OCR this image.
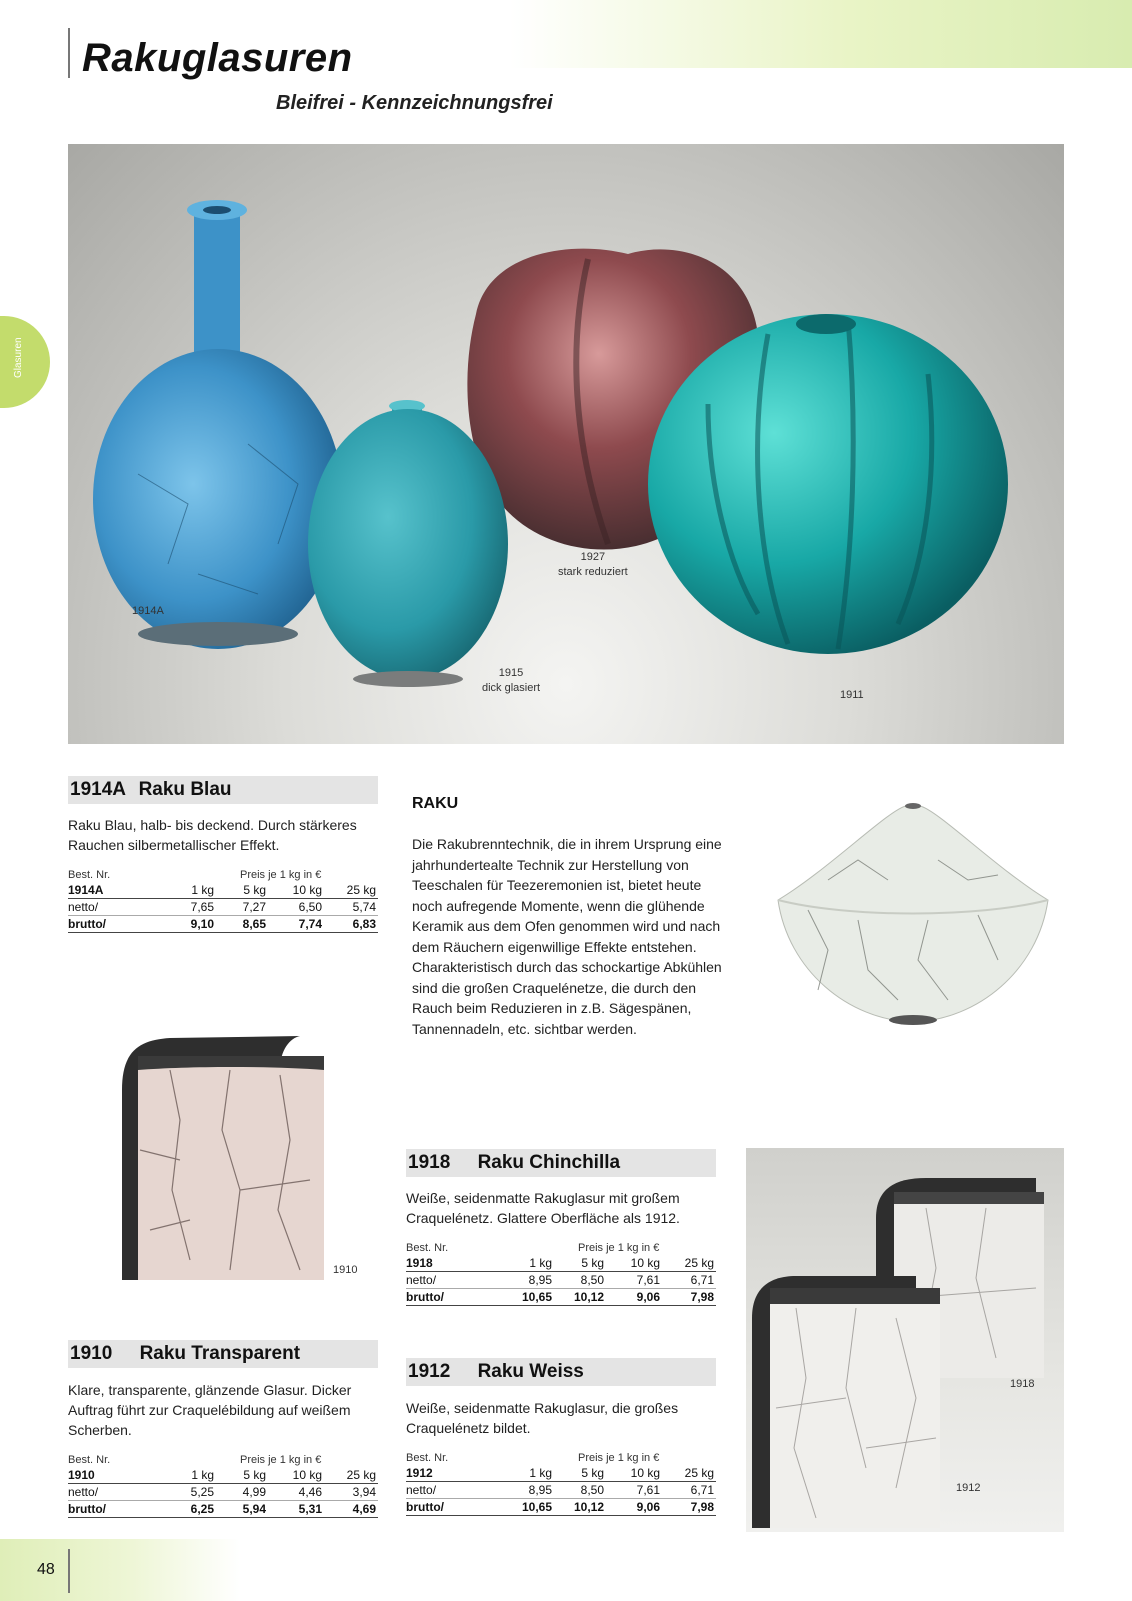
Rakuglasuren
Bleifrei - Kennzeichnungsfrei
Glasuren
48
1914A
1915
dick glasiert
1927
stark reduziert
1911
1914A Raku Blau
Raku Blau, halb- bis deckend. Durch stärkeres Rauchen silbermetallischer Effekt.
Best. Nr.	Preis je 1 kg in €
1914A	1 kg 5 kg 10 kg 25 kg
netto/	7,65 7,27	6,50	5,74
brutto/	9,10 8,65	7,74	6,83
RAKU
Die Rakubrenntechnik, die in ihrem Ursprung eine jahrhundertealte Technik zur Herstellung von Teeschalen für Teezeremonien ist, bietet heute noch aufregende Momente, wenn die glühende Keramik aus dem Ofen genommen wird und nach dem Räuchern eigenwillige Effekte entstehen. Charakteristisch durch das schockartige Abkühlen sind die großen Craquelénetze, die durch den Rauch beim Reduzieren in z.B. Sägespänen, Tannennadeln, etc. sichtbar werden.
1910
1918 Raku Chinchilla
Weiße, seidenmatte Rakuglasur mit großem Craquelénetz. Glattere Oberfläche als 1912.
Best. Nr.	Preis je 1 kg in €
1918	1 kg 5 kg 10 kg 25 kg
netto/	8,95 8,50	7,61	6,71
brutto/	10,65 10,12	9,06	7,98
1918
1912
1910 Raku Transparent
Klare, transparente, glänzende Glasur. Dicker Auftrag führt zur Craquelébildung auf weißem Scherben.
Best. Nr.	Preis je 1 kg in €
1910	1 kg 5 kg 10 kg 25 kg
netto/	5,25 4,99	4,46	3,94
brutto/	6,25 5,94	5,31	4,69
1912 Raku Weiss
Weiße, seidenmatte Rakuglasur, die großes Craquelénetz bildet.
Best. Nr.	Preis je 1 kg in €
1912	1 kg 5 kg 10 kg 25 kg
netto/	8,95 8,50	7,61	6,71
brutto/	10,65 10,12	9,06	7,98
